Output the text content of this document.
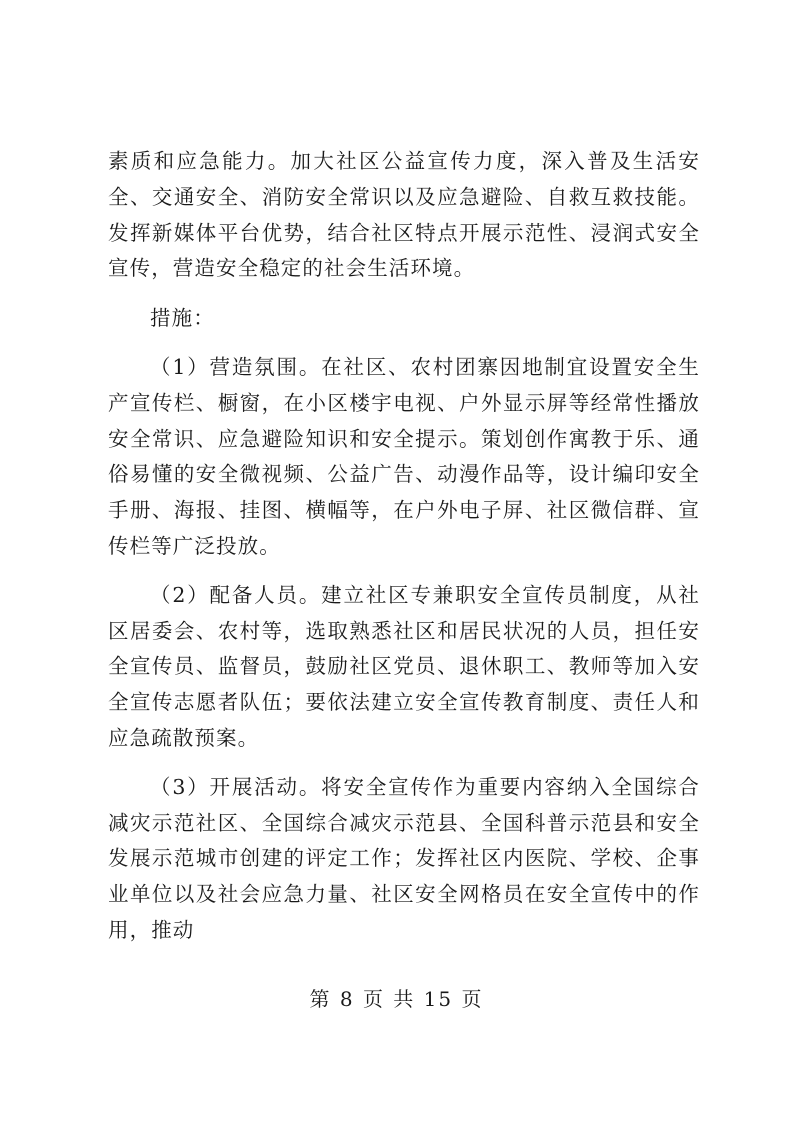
素质和应急能力。加大社区公益宣传力度，深入普及生活安全、交通安全、消防安全常识以及应急避险、自救互救技能。发挥新媒体平台优势，结合社区特点开展示范性、浸润式安全宣传，营造安全稳定的社会生活环境。

措施：

（1）营造氛围。在社区、农村团寨因地制宜设置安全生产宣传栏、橱窗，在小区楼宇电视、户外显示屏等经常性播放安全常识、应急避险知识和安全提示。策划创作寓教于乐、通俗易懂的安全微视频、公益广告、动漫作品等，设计编印安全手册、海报、挂图、横幅等，在户外电子屏、社区微信群、宣传栏等广泛投放。

（2）配备人员。建立社区专兼职安全宣传员制度，从社区居委会、农村等，选取熟悉社区和居民状况的人员，担任安全宣传员、监督员，鼓励社区党员、退休职工、教师等加入安全宣传志愿者队伍；要依法建立安全宣传教育制度、责任人和应急疏散预案。

（3）开展活动。将安全宣传作为重要内容纳入全国综合减灾示范社区、全国综合减灾示范县、全国科普示范县和安全发展示范城市创建的评定工作；发挥社区内医院、学校、企事业单位以及社会应急力量、社区安全网格员在安全宣传中的作用，推动

第 8 页 共 15 页
